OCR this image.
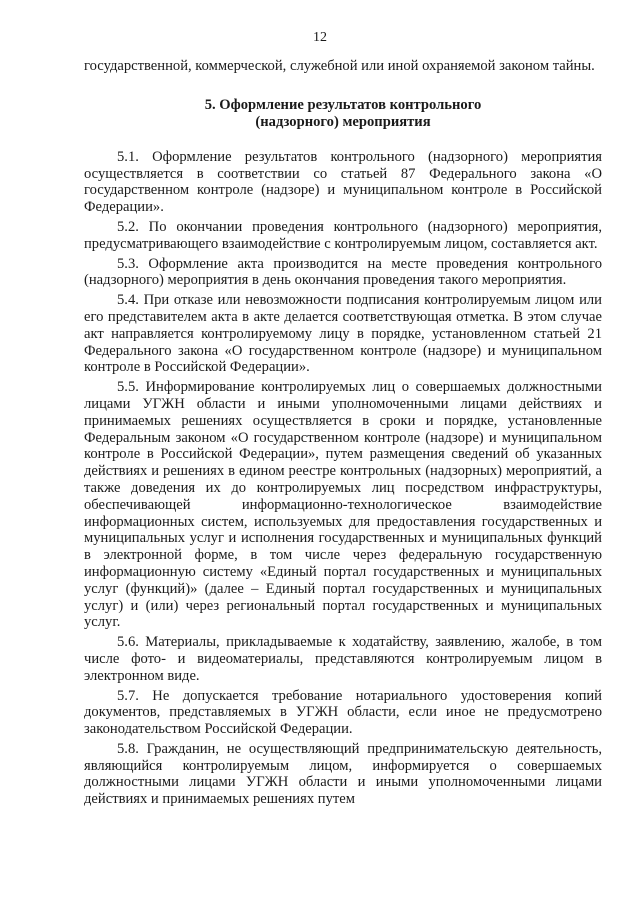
12

государственной, коммерческой, служебной или иной охраняемой законом тайны.

5. Оформление результатов контрольного
(надзорного) мероприятия

5.1. Оформление результатов контрольного (надзорного) мероприятия осуществляется в соответствии со статьей 87 Федерального закона «О государственном контроле (надзоре) и муниципальном контроле в Российской Федерации».

5.2. По окончании проведения контрольного (надзорного) мероприятия, предусматривающего взаимодействие с контролируемым лицом, составляется акт.

5.3. Оформление акта производится на месте проведения контрольного (надзорного) мероприятия в день окончания проведения такого мероприятия.

5.4. При отказе или невозможности подписания контролируемым лицом или его представителем акта в акте делается соответствующая отметка. В этом случае акт направляется контролируемому лицу в порядке, установленном статьей 21 Федерального закона «О государственном контроле (надзоре) и муниципальном контроле в Российской Федерации».

5.5. Информирование контролируемых лиц о совершаемых должностными лицами УГЖН области и иными уполномоченными лицами действиях и принимаемых решениях осуществляется в сроки и порядке, установленные Федеральным законом «О государственном контроле (надзоре) и муниципальном контроле в Российской Федерации», путем размещения сведений об указанных действиях и решениях в едином реестре контрольных (надзорных) мероприятий, а также доведения их до контролируемых лиц посредством инфраструктуры, обеспечивающей информационно-технологическое взаимодействие информационных систем, используемых для предоставления государственных и муниципальных услуг и исполнения государственных и муниципальных функций в электронной форме, в том числе через федеральную государственную информационную систему «Единый портал государственных и муниципальных услуг (функций)» (далее – Единый портал государственных и муниципальных услуг) и (или) через региональный портал государственных и муниципальных услуг.

5.6. Материалы, прикладываемые к ходатайству, заявлению, жалобе, в том числе фото- и видеоматериалы, представляются контролируемым лицом в электронном виде.

5.7. Не допускается требование нотариального удостоверения копий документов, представляемых в УГЖН области, если иное не предусмотрено законодательством Российской Федерации.

5.8. Гражданин, не осуществляющий предпринимательскую деятельность, являющийся контролируемым лицом, информируется о совершаемых должностными лицами УГЖН области и иными уполномоченными лицами действиях и принимаемых решениях путем
